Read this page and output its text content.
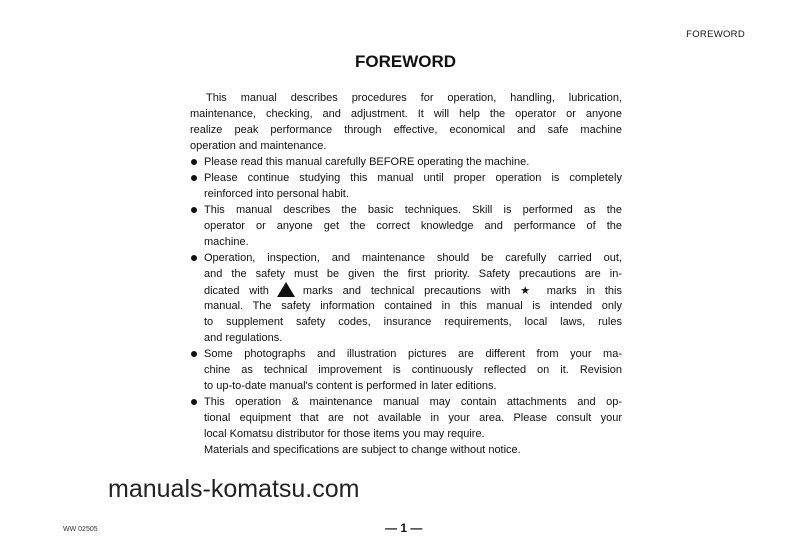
FOREWORD
FOREWORD
This manual describes procedures for operation, handling, lubrication,
maintenance, checking, and adjustment. It will help the operator or anyone
realize peak performance through effective, economical and safe machine
operation and maintenance.
Please read this manual carefully BEFORE operating the machine.
Please continue studying this manual until proper operation is completely
reinforced into personal habit.
This manual describes the basic techniques. Skill is performed as the
operator or anyone get the correct knowledge and performance of the
machine.
Operation, inspection, and maintenance should be carefully carried out,
and the safety must be given the first priority. Safety precautions are in-
dicated with	marks and technical precautions with ★ marks in this
manual. The safety information contained in this manual is intended only
to supplement safety codes, insurance requirements, local laws, rules
and regulations.
Some photographs and illustration pictures are different from your ma-
chine as technical improvement is continuously reflected on it. Revision
to up-to-date manual's content is performed in later editions.
This operation & maintenance manual may contain attachments and op-
tional equipment that are not available in your area. Please consult your
local Komatsu distributor for those items you may require.
Materials and specifications are subject to change without notice.
manuals-komatsu.com
WW 02505	— 1 —
